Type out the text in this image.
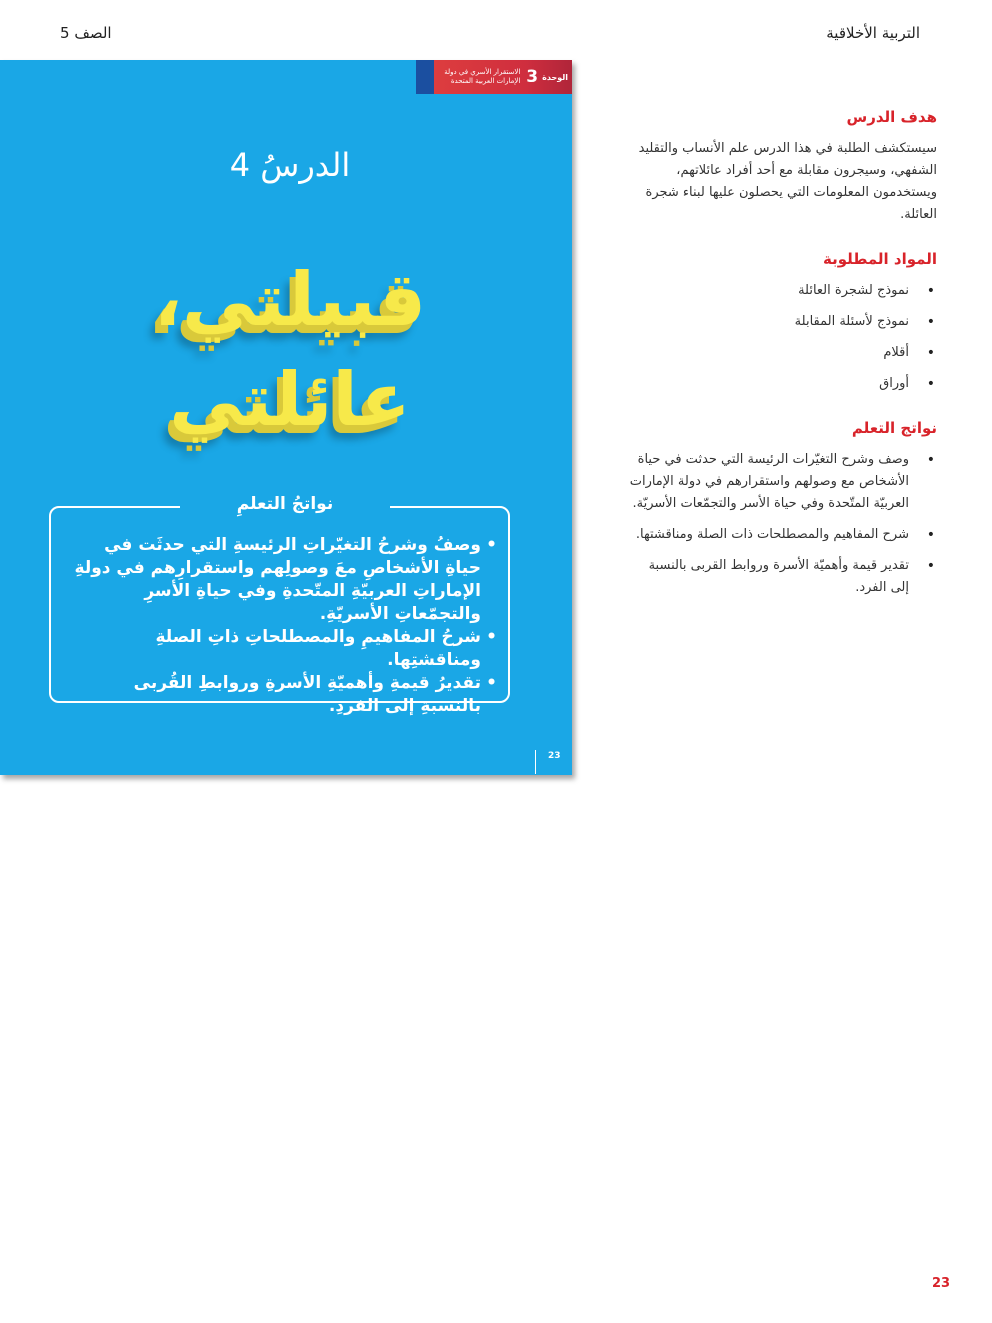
الصف 5	التربية الأخلاقية
الوحدة
3
الاستقرار الأسري في دولة الإمارات العربية المتحدة
الدرسُ 4
قبيلتي،
عائلتي
نواتجُ التعلمِ
• وصفُ وشرحُ التغيّراتِ الرئيسةِ التي حدثَت في حياةِ الأشخاصِ معَ وصولِهم واستقرارِهم في دولةِ الإماراتِ العربيّةِ المتّحدةِ وفي حياةِ الأسرِ والتجمّعاتِ الأسريّةِ.
• شرحُ المفاهيمِ والمصطلحاتِ ذاتِ الصلةِ ومناقشتِها.
• تقديرُ قيمةِ وأهميّةِ الأسرةِ وروابطِ القُربى بالنسبةِ إلى الفردِ.
23
هدف الدرس

سيستكشف الطلبة في هذا الدرس علم الأنساب والتقليد الشفهي، وسيجرون مقابلة مع أحد أفراد عائلاتهم، ويستخدمون المعلومات التي يحصلون عليها لبناء شجرة العائلة.

المواد المطلوبة
• نموذج لشجرة العائلة
• نموذج لأسئلة المقابلة
• أقلام
• أوراق
نواتج التعلم
• وصف وشرح التغيّرات الرئيسة التي حدثت في حياة الأشخاص مع وصولهم واستقرارهم في دولة الإمارات العربيّة المتّحدة وفي حياة الأسر والتجمّعات الأسريّة.
• شرح المفاهيم والمصطلحات ذات الصلة ومناقشتها.
• تقدير قيمة وأهميّة الأسرة وروابط القربى بالنسبة إلى الفرد.
23
